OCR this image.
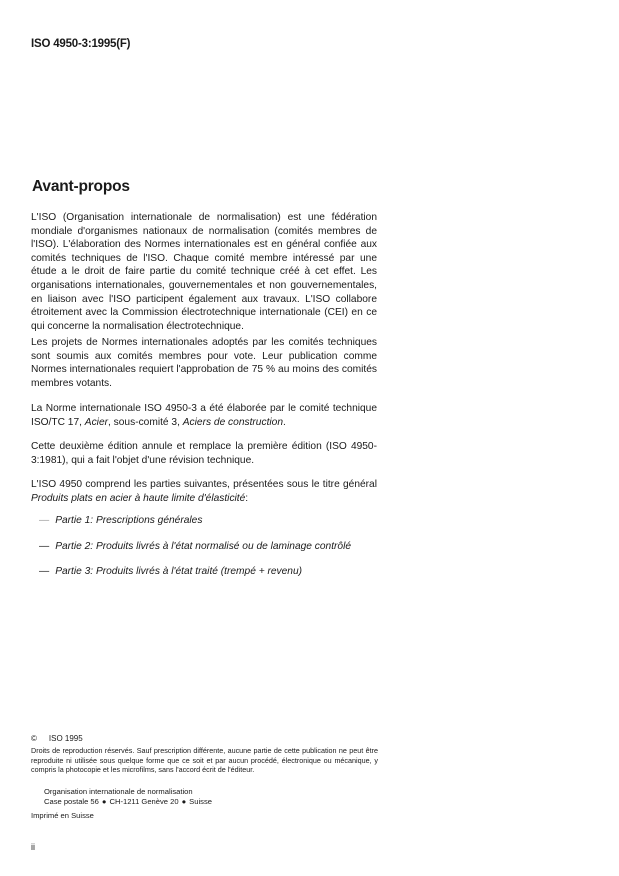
ISO 4950-3:1995(F)
Avant-propos

L'ISO (Organisation internationale de normalisation) est une fédération mondiale d'organismes nationaux de normalisation (comités membres de l'ISO). L'élaboration des Normes internationales est en général confiée aux comités techniques de l'ISO. Chaque comité membre intéressé par une étude a le droit de faire partie du comité technique créé à cet effet. Les organisations internationales, gouvernementales et non gouvernementales, en liaison avec l'ISO participent également aux travaux. L'ISO collabore étroitement avec la Commission électrotechnique internationale (CEI) en ce qui concerne la normalisation électrotechnique.

Les projets de Normes internationales adoptés par les comités techniques sont soumis aux comités membres pour vote. Leur publication comme Normes internationales requiert l'approbation de 75 % au moins des comités membres votants.

La Norme internationale ISO 4950-3 a été élaborée par le comité technique ISO/TC 17, Acier, sous-comité 3, Aciers de construction.

Cette deuxième édition annule et remplace la première édition (ISO 4950-3:1981), qui a fait l'objet d'une révision technique.

L'ISO 4950 comprend les parties suivantes, présentées sous le titre général Produits plats en acier à haute limite d'élasticité:

— Partie 1: Prescriptions générales
— Partie 2: Produits livrés à l'état normalisé ou de laminage contrôlé
— Partie 3: Produits livrés à l'état traité (trempé + revenu)
© ISO 1995

Droits de reproduction réservés. Sauf prescription différente, aucune partie de cette publication ne peut être reproduite ni utilisée sous quelque forme que ce soit et par aucun procédé, électronique ou mécanique, y compris la photocopie et les microfilms, sans l'accord écrit de l'éditeur.

Organisation internationale de normalisation
Case postale 56 ● CH-1211 Genève 20 ● Suisse
Imprimé en Suisse
ii
